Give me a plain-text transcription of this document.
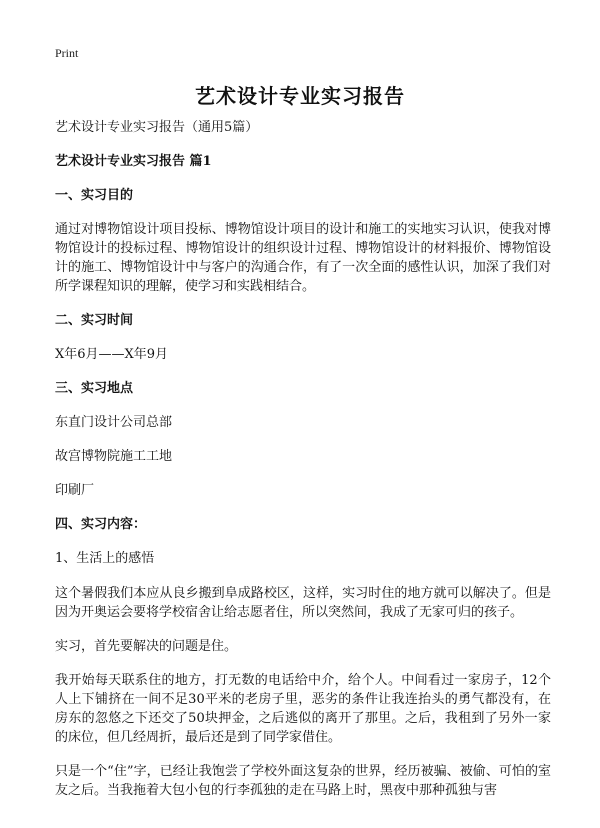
Print
艺术设计专业实习报告

艺术设计专业实习报告（通用5篇）

艺术设计专业实习报告 篇1

一、实习目的

通过对博物馆设计项目投标、博物馆设计项目的设计和施工的实地实习认识，使我对博物馆设计的投标过程、博物馆设计的组织设计过程、博物馆设计的材料报价、博物馆设计的施工、博物馆设计中与客户的沟通合作，有了一次全面的感性认识，加深了我们对所学课程知识的理解，使学习和实践相结合。

二、实习时间

X年6月——X年9月

三、实习地点

东直门设计公司总部

故宫博物院施工工地

印刷厂

四、实习内容：

1、生活上的感悟

这个暑假我们本应从良乡搬到阜成路校区，这样，实习时住的地方就可以解决了。但是因为开奥运会要将学校宿舍让给志愿者住，所以突然间，我成了无家可归的孩子。

实习，首先要解决的问题是住。

我开始每天联系住的地方，打无数的电话给中介，给个人。中间看过一家房子，12个人上下铺挤在一间不足30平米的老房子里，恶劣的条件让我连抬头的勇气都没有，在房东的忽悠之下还交了50块押金，之后逃似的离开了那里。之后，我租到了另外一家的床位，但几经周折，最后还是到了同学家借住。

只是一个“住”字，已经让我饱尝了学校外面这复杂的世界，经历被骗、被偷、可怕的室友之后。当我拖着大包小包的行李孤独的走在马路上时，黑夜中那种孤独与害
